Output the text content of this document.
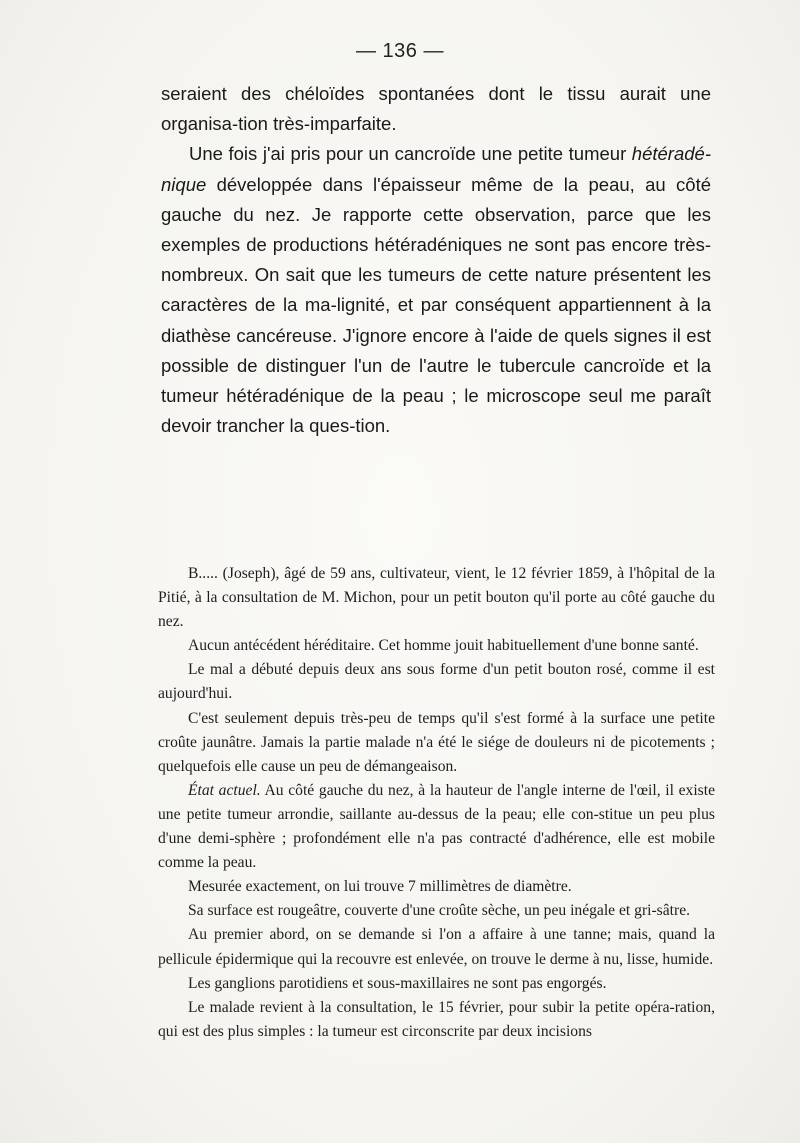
— 136 —

seraient des chéloïdes spontanées dont le tissu aurait une organisa-tion très-imparfaite.

Une fois j'ai pris pour un cancroïde une petite tumeur hétéradé-nique développée dans l'épaisseur même de la peau, au côté gauche du nez. Je rapporte cette observation, parce que les exemples de productions hétéradéniques ne sont pas encore très-nombreux. On sait que les tumeurs de cette nature présentent les caractères de la ma-lignité, et par conséquent appartiennent à la diathèse cancéreuse. J'ignore encore à l'aide de quels signes il est possible de distinguer l'un de l'autre le tubercule cancroïde et la tumeur hétéradénique de la peau ; le microscope seul me paraît devoir trancher la ques-tion.

B..... (Joseph), âgé de 59 ans, cultivateur, vient, le 12 février 1859, à l'hôpital de la Pitié, à la consultation de M. Michon, pour un petit bouton qu'il porte au côté gauche du nez.

Aucun antécédent héréditaire. Cet homme jouit habituellement d'une bonne santé.

Le mal a débuté depuis deux ans sous forme d'un petit bouton rosé, comme il est aujourd'hui.

C'est seulement depuis très-peu de temps qu'il s'est formé à la surface une petite croûte jaunâtre. Jamais la partie malade n'a été le siége de douleurs ni de picotements ; quelquefois elle cause un peu de démangeaison.

État actuel. Au côté gauche du nez, à la hauteur de l'angle interne de l'œil, il existe une petite tumeur arrondie, saillante au-dessus de la peau; elle con-stitue un peu plus d'une demi-sphère ; profondément elle n'a pas contracté d'adhérence, elle est mobile comme la peau.

Mesurée exactement, on lui trouve 7 millimètres de diamètre.

Sa surface est rougeâtre, couverte d'une croûte sèche, un peu inégale et gri-sâtre.

Au premier abord, on se demande si l'on a affaire à une tanne; mais, quand la pellicule épidermique qui la recouvre est enlevée, on trouve le derme à nu, lisse, humide.

Les ganglions parotidiens et sous-maxillaires ne sont pas engorgés.

Le malade revient à la consultation, le 15 février, pour subir la petite opéra-ration, qui est des plus simples : la tumeur est circonscrite par deux incisions
